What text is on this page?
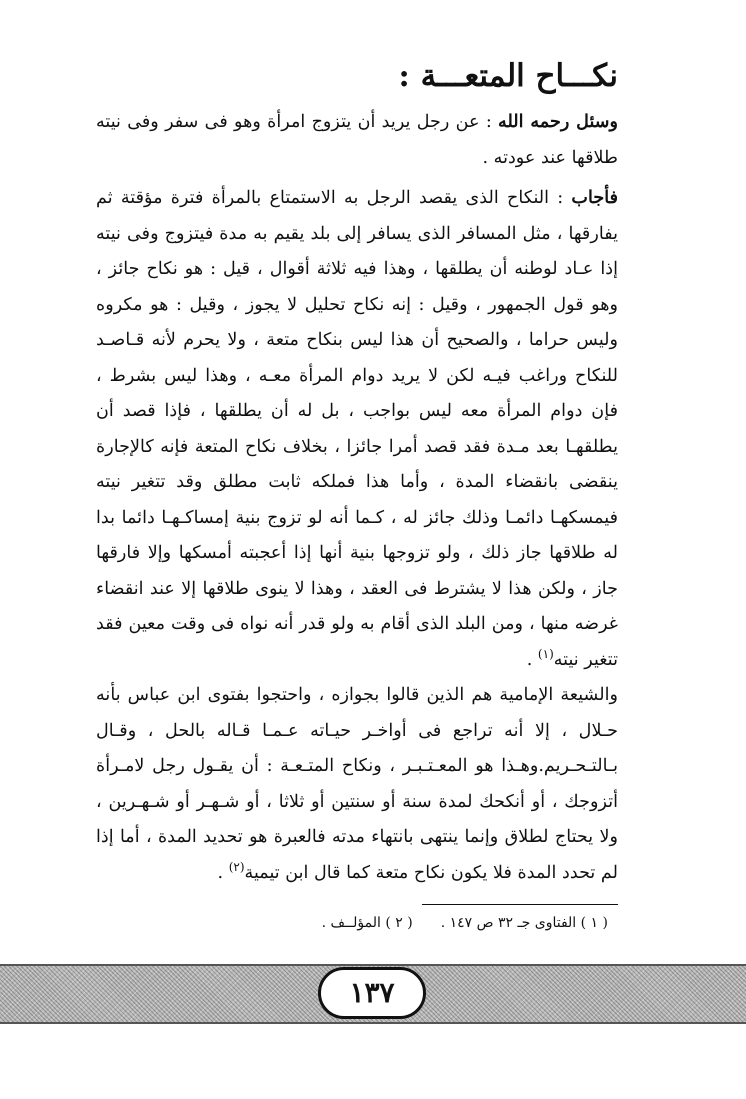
نكـــاح المتعـــة :

وسئل رحمه الله : عن رجل يريد أن يتزوج امرأة وهو فى سفر وفى نيته طلاقها عند عودته .

فأجاب : النكاح الذى يقصد الرجل به الاستمتاع بالمرأة فترة مؤقتة ثم يفارقها ، مثل المسافر الذى يسافر إلى بلد يقيم به مدة فيتزوج وفى نيته إذا عـاد لوطنه أن يطلقها ، وهذا فيه ثلاثة أقوال ، قيل : هو نكاح جائز ، وهو قول الجمهور ، وقيل : إنه نكاح تحليل لا يجوز ، وقيل : هو مكروه وليس حراما ، والصحيح أن هذا ليس بنكاح متعة ، ولا يحرم لأنه قـاصـد للنكاح وراغب فيـه لكن لا يريد دوام المرأة معـه ، وهذا ليس بشرط ، فإن دوام المرأة معه ليس بواجب ، بل له أن يطلقها ، فإذا قصد أن يطلقهـا بعد مـدة فقد قصد أمرا جائزا ، بخلاف نكاح المتعة فإنه كالإجارة ينقضى بانقضاء المدة ، وأما هذا فملكه ثابت مطلق وقد تتغير نيته فيمسكهـا دائمـا وذلك جائز له ، كـما أنه لو تزوج بنية إمساكـهـا دائما بدا له طلاقها جاز ذلك ، ولو تزوجها بنية أنها إذا أعجبته أمسكها وإلا فارقها جاز ، ولكن هذا لا يشترط فى العقد ، وهذا لا ينوى طلاقها إلا عند انقضاء غرضه منها ، ومن البلد الذى أقام به ولو قدر أنه نواه فى وقت معين فقد تتغير نيته$^{(١)}$ .

والشيعة الإمامية هم الذين قالوا بجوازه ، واحتجوا بفتوى ابن عباس بأنه حـلال ، إلا أنه تراجع فى أواخـر حيـاته عـمـا قـاله بالحل ، وقـال بـالتـحـريم.وهـذا هو المعـتـبـر ، ونكاح المتـعـة : أن يقـول رجل لامـرأة أتزوجك ، أو أنكحك لمدة سنة أو سنتين أو ثلاثا ، أو شـهـر أو شـهـرين ، ولا يحتاج لطلاق وإنما ينتهى بانتهاء مدته فالعبرة هو تحديد المدة ، أما إذا لم تحدد المدة فلا يكون نكاح متعة كما قال ابن تيمية$^{(٢)}$ .

( ١ ) الفتاوى جـ ٣٢ ص ١٤٧ .( ٢ ) المؤلــف .
١٣٧
